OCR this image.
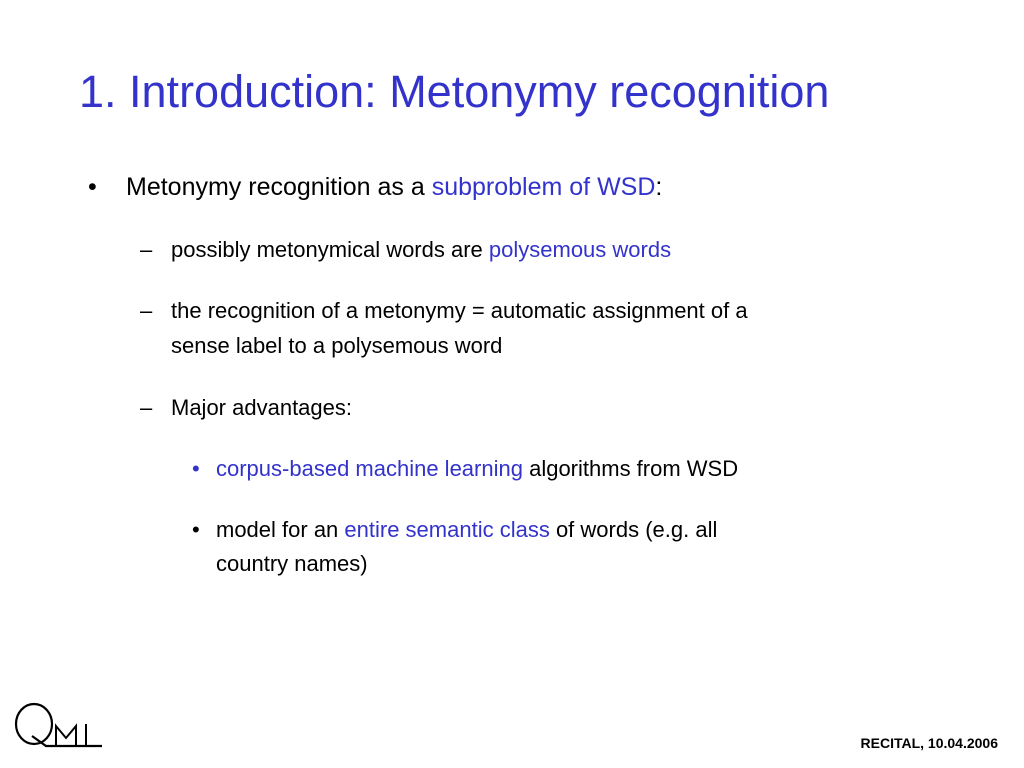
1. Introduction: Metonymy recognition
• Metonymy recognition as a subproblem of WSD:
– possibly metonymical words are polysemous words
– the recognition of a metonymy = automatic assignment of a
sense label to a polysemous word
– Major advantages:
• corpus-based machine learning algorithms from WSD
• model for an entire semantic class of words (e.g. all
country names)
RECITAL, 10.04.2006
